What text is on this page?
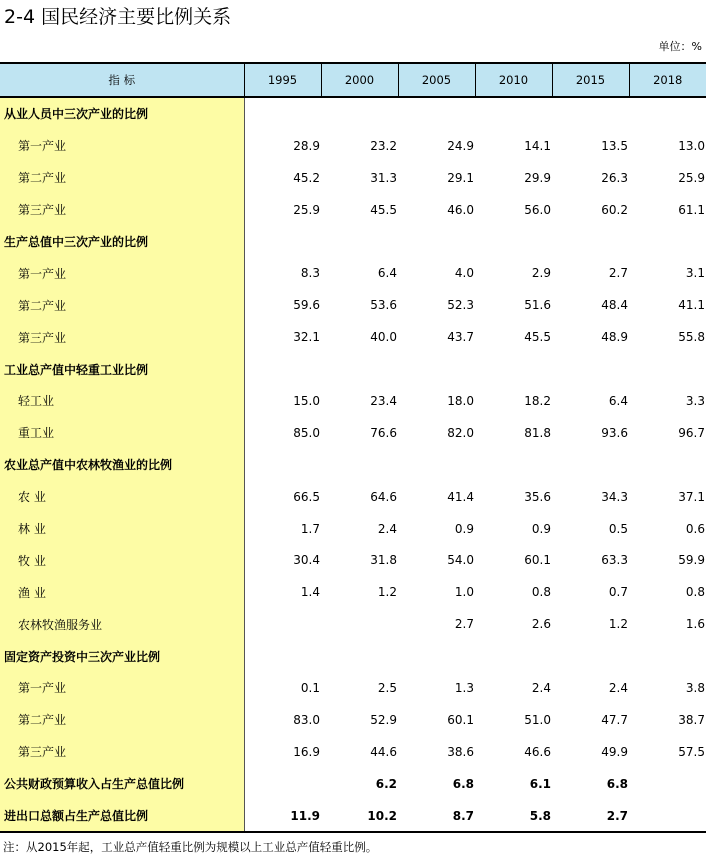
2-4 国民经济主要比例关系
单位：%
指 标	1995	2000	2005	2010	2015	2018
从业人员中三次产业的比例						
第一产业	28.9	23.2	24.9	14.1	13.5	13.0
第二产业	45.2	31.3	29.1	29.9	26.3	25.9
第三产业	25.9	45.5	46.0	56.0	60.2	61.1
生产总值中三次产业的比例						
第一产业	8.3	6.4	4.0	2.9	2.7	3.1
第二产业	59.6	53.6	52.3	51.6	48.4	41.1
第三产业	32.1	40.0	43.7	45.5	48.9	55.8
工业总产值中轻重工业比例						
轻工业	15.0	23.4	18.0	18.2	6.4	3.3
重工业	85.0	76.6	82.0	81.8	93.6	96.7
农业总产值中农林牧渔业的比例						
农 业	66.5	64.6	41.4	35.6	34.3	37.1
林 业	1.7	2.4	0.9	0.9	0.5	0.6
牧 业	30.4	31.8	54.0	60.1	63.3	59.9
渔 业	1.4	1.2	1.0	0.8	0.7	0.8
农林牧渔服务业			2.7	2.6	1.2	1.6
固定资产投资中三次产业比例						
第一产业	0.1	2.5	1.3	2.4	2.4	3.8
第二产业	83.0	52.9	60.1	51.0	47.7	38.7
第三产业	16.9	44.6	38.6	46.6	49.9	57.5
公共财政预算收入占生产总值比例		6.2	6.8	6.1	6.8	
进出口总额占生产总值比例	11.9	10.2	8.7	5.8	2.7	
注：从2015年起，工业总产值轻重比例为规模以上工业总产值轻重比例。
